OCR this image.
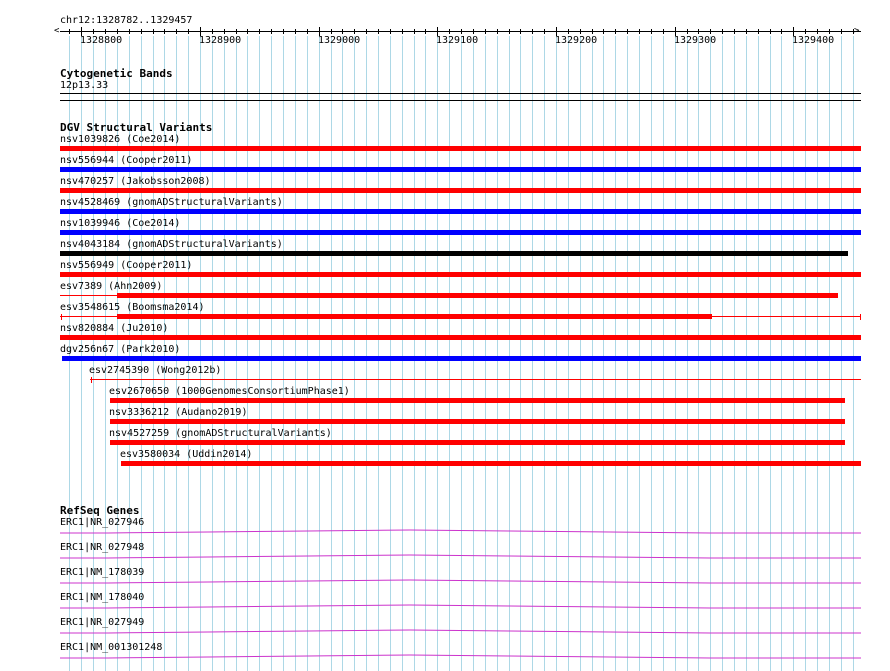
chr12:1328782..1329457
>
<
1328800	1328900	1329000	1329100	1329200	1329300	1329400
Cytogenetic Bands
12p13.33
DGV Structural Variants
nsv1039826 (Coe2014)
nsv556944 (Cooper2011)
nsv470257 (Jakobsson2008)
nsv4528469 (gnomADStructuralVariants)
nsv1039946 (Coe2014)
nsv4043184 (gnomADStructuralVariants)
nsv556949 (Cooper2011)
esv7389 (Ahn2009)
esv3548615 (Boomsma2014)
nsv820884 (Ju2010)
dgv256n67 (Park2010)
esv2745390 (Wong2012b)
esv2670650 (1000GenomesConsortiumPhase1)
nsv3336212 (Audano2019)
nsv4527259 (gnomADStructuralVariants)
esv3580034 (Uddin2014)
RefSeq Genes
ERC1|NR_027946
ERC1|NR_027948
ERC1|NM_178039
ERC1|NM_178040
ERC1|NR_027949
ERC1|NM_001301248
